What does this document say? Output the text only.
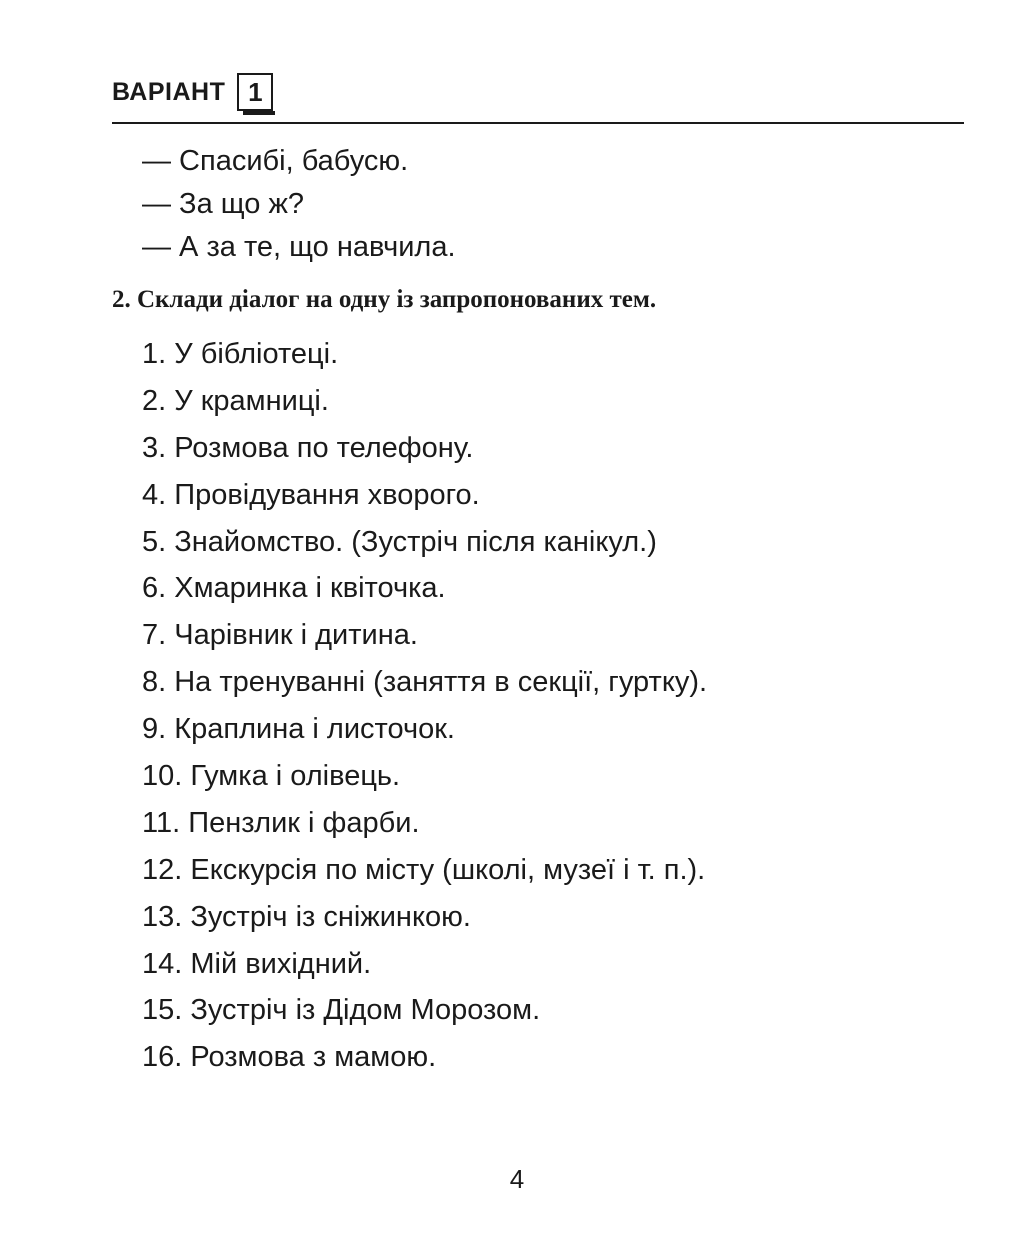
ВАРІАНТ 1
— Спасибі, бабусю.
— За що ж?
— А за те, що навчила.
2. Склади діалог на одну із запропонованих тем.
1. У бібліотеці.
2. У крамниці.
3. Розмова по телефону.
4. Провідування хворого.
5. Знайомство. (Зустріч після канікул.)
6. Хмаринка і квіточка.
7. Чарівник і дитина.
8. На тренуванні (заняття в секції, гуртку).
9. Краплина і листочок.
10. Гумка і олівець.
11. Пензлик і фарби.
12. Екскурсія по місту (школі, музеї і т. п.).
13. Зустріч із сніжинкою.
14. Мій вихідний.
15. Зустріч із Дідом Морозом.
16. Розмова з мамою.
4
